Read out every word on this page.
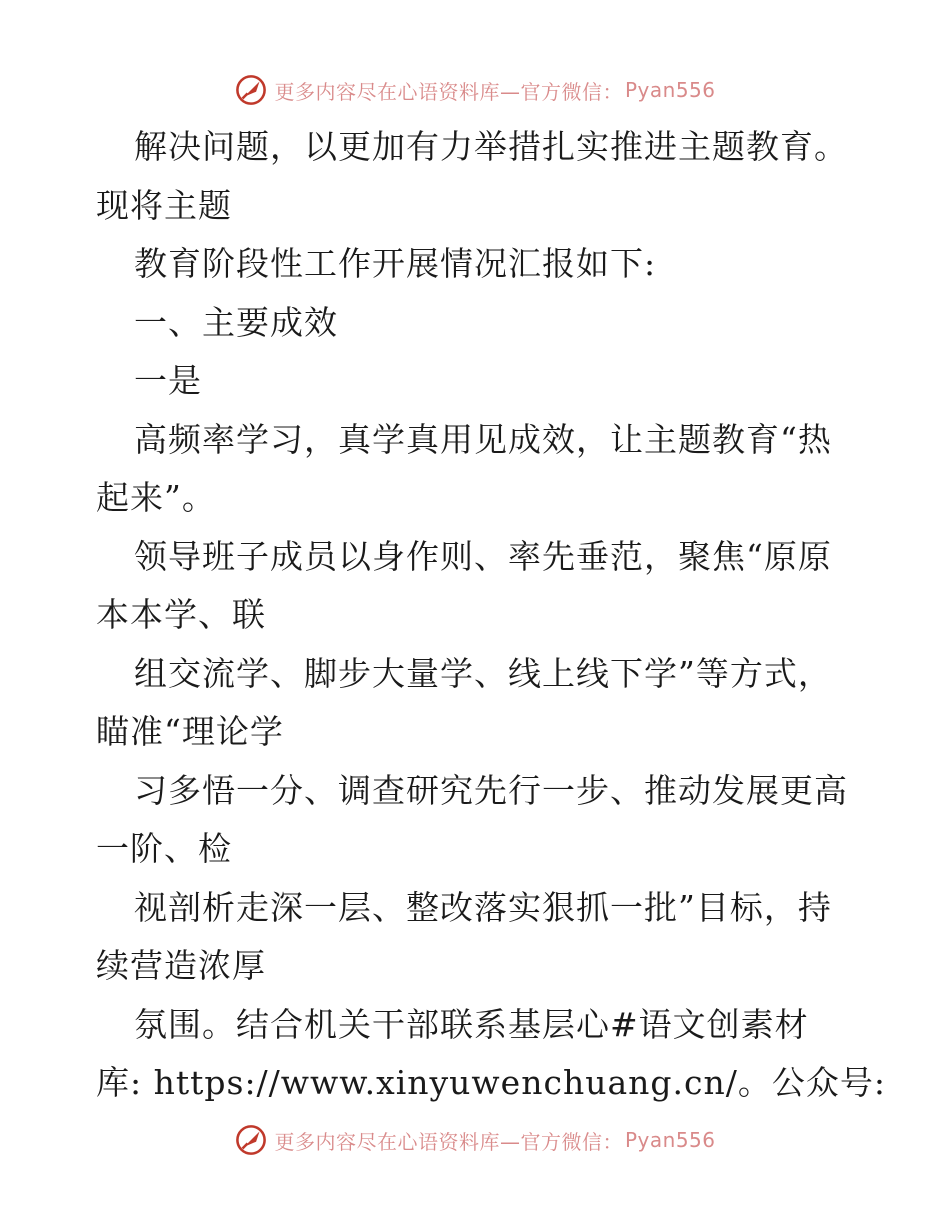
更多内容尽在心语资料库—官方微信： Pyan556
解决问题，以更加有力举措扎实推进主题教育。
现将主题
教育阶段性工作开展情况汇报如下:
一、主要成效
一是
高频率学习，真学真用见成效，让主题教育“热
起来”。
领导班子成员以身作则、率先垂范，聚焦“原原
本本学、联
组交流学、脚步大量学、线上线下学”等方式，
瞄准“理论学
习多悟一分、调查研究先行一步、推动发展更高
一阶、检
视剖析走深一层、整改落实狠抓一批”目标，持
续营造浓厚
氛围。结合机关干部联系基层心#语文创素材
库: https://www.xinyuwenchuang.cn/。公众号:
更多内容尽在心语资料库—官方微信： Pyan556
